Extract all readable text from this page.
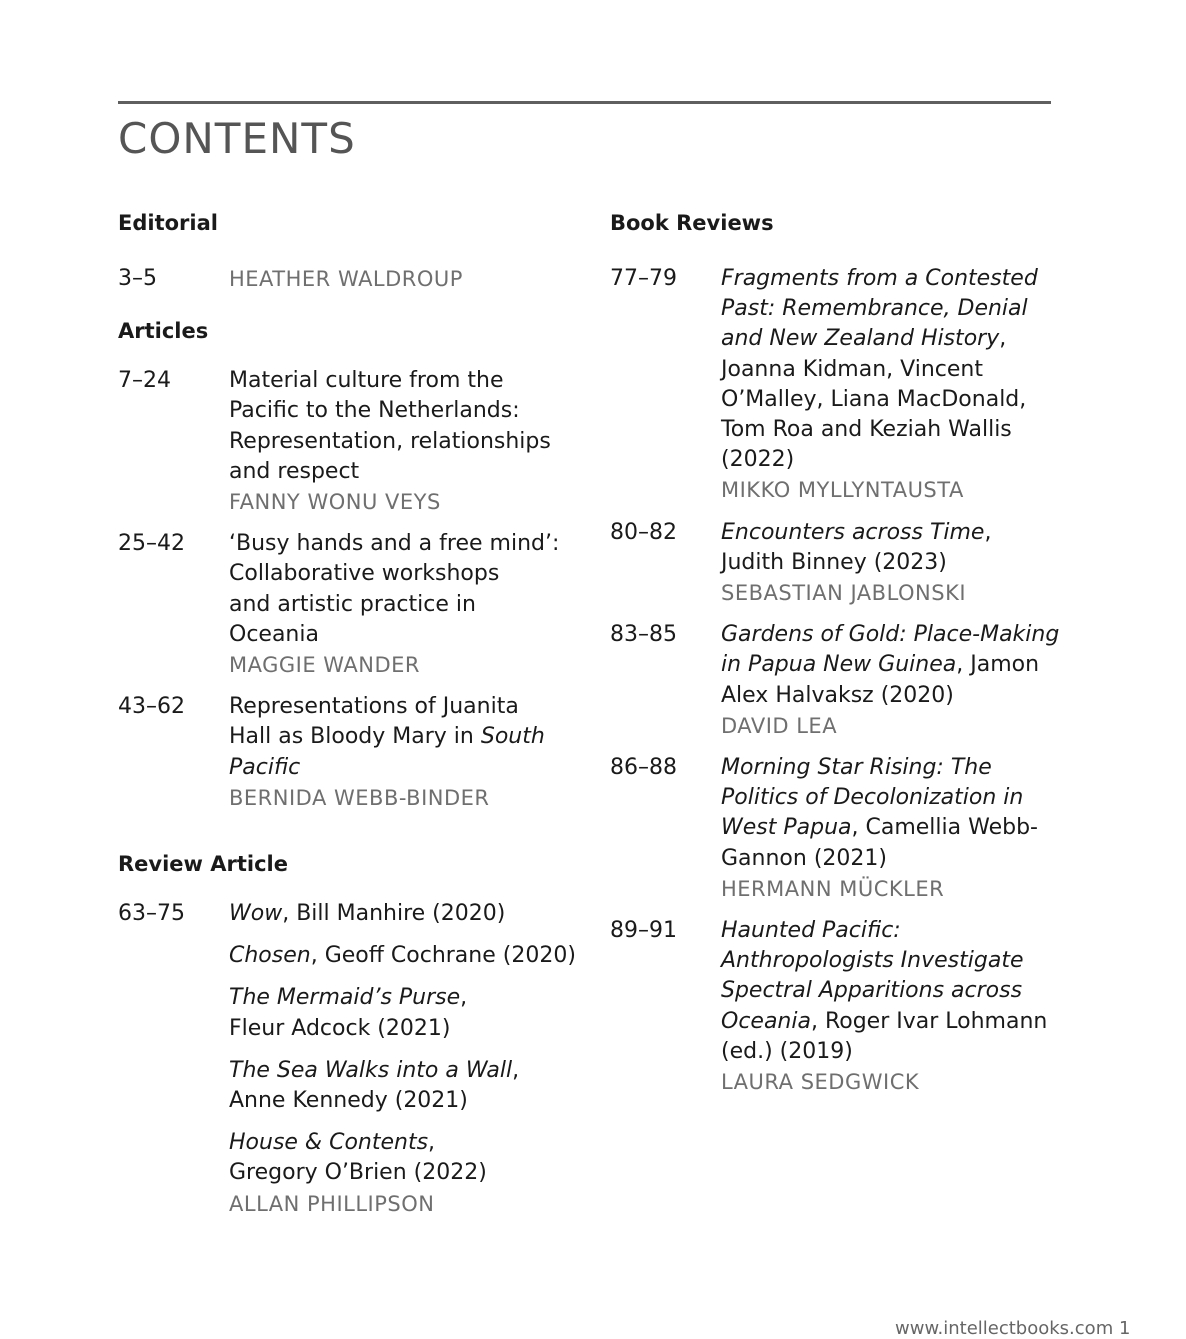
CONTENTS
Editorial
3–5	HEATHER WALDROUP
Articles
7–24	Material culture from the
Pacific to the Netherlands:
Representation, relationships
and respect
FANNY WONU VEYS
25–42	‘Busy hands and a free mind’:
Collaborative workshops
and artistic practice in
Oceania
MAGGIE WANDER
43–62	Representations of Juanita
Hall as Bloody Mary in South
Pacific
BERNIDA WEBB-BINDER
Review Article
63–75	Wow, Bill Manhire (2020)
Chosen, Geoff Cochrane (2020)
The Mermaid’s Purse,
Fleur Adcock (2021)
The Sea Walks into a Wall,
Anne Kennedy (2021)
House & Contents,
Gregory O’Brien (2022)
ALLAN PHILLIPSON
Book Reviews
77–79	Fragments from a Contested
Past: Remembrance, Denial
and New Zealand History,
Joanna Kidman, Vincent
O’Malley, Liana MacDonald,
Tom Roa and Keziah Wallis (2022)
MIKKO MYLLYNTAUSTA
80–82	Encounters across Time,
Judith Binney (2023)
SEBASTIAN JABLONSKI
83–85	Gardens of Gold: Place-Making
in Papua New Guinea, Jamon
Alex Halvaksz (2020)
DAVID LEA
86–88	Morning Star Rising: The
Politics of Decolonization in
West Papua, Camellia Webb-
Gannon (2021)
HERMANN MÜCKLER
89–91	Haunted Pacific:
Anthropologists Investigate
Spectral Apparitions across
Oceania, Roger Ivar Lohmann
(ed.) (2019)
LAURA SEDGWICK
www.intellectbooks.com 1
